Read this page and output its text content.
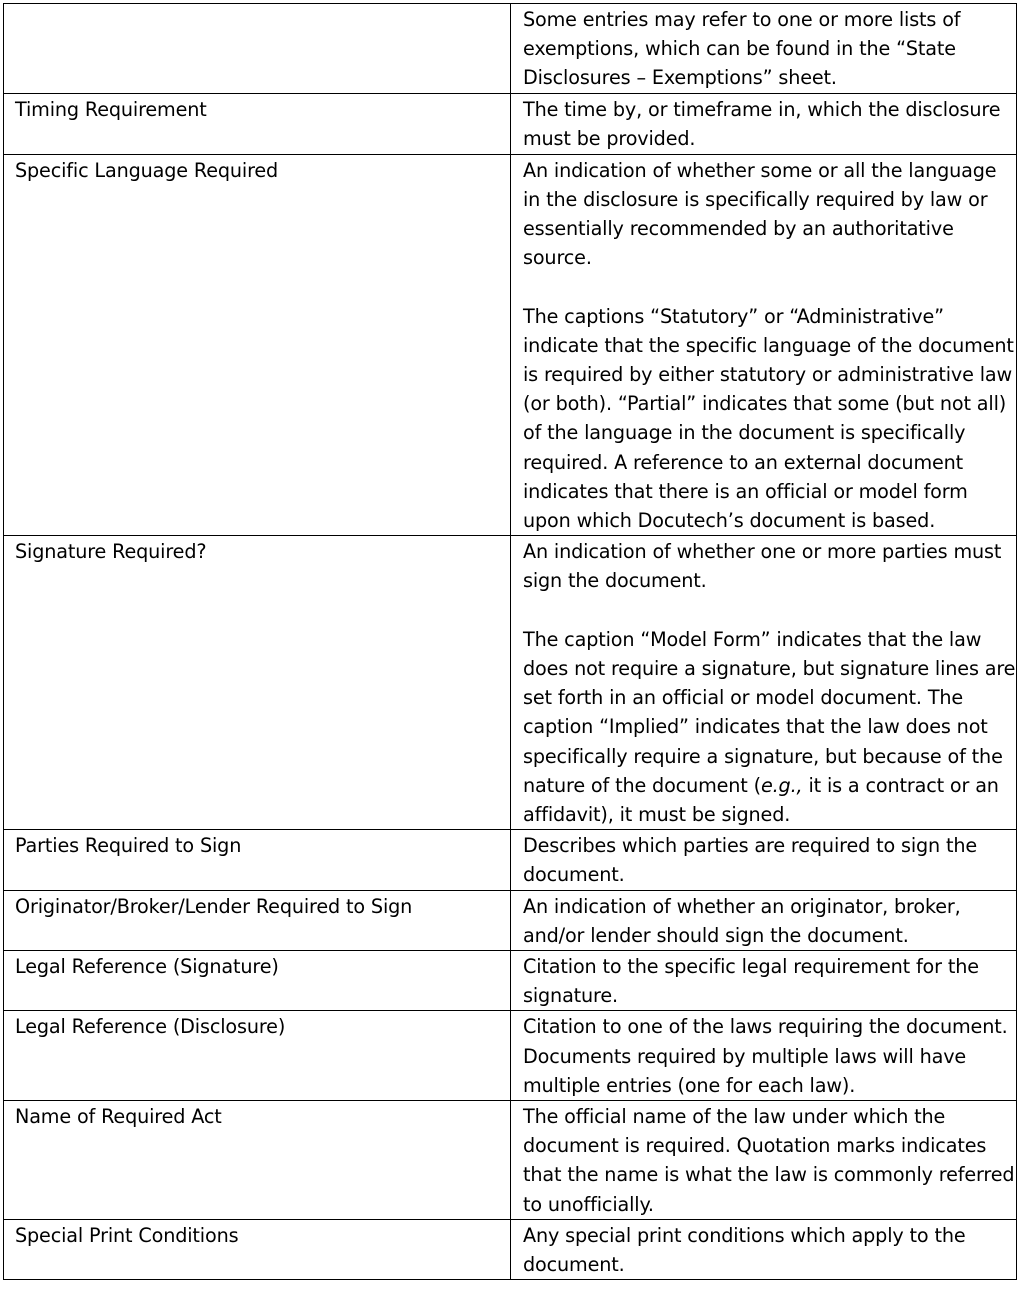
	Some entries may refer to one or more lists of exemptions, which can be found in the “State Disclosures – Exemptions” sheet.

Timing Requirement	The time by, or timeframe in, which the disclosure must be provided.

Specific Language Required	An indication of whether some or all the language in the disclosure is specifically required by law or essentially recommended by an authoritative source.
The captions “Statutory” or “Administrative” indicate that the specific language of the document is required by either statutory or administrative law (or both). “Partial” indicates that some (but not all) of the language in the document is specifically required. A reference to an external document indicates that there is an official or model form upon which Docutech’s document is based.

Signature Required?	An indication of whether one or more parties must sign the document.
The caption “Model Form” indicates that the law does not require a signature, but signature lines are set forth in an official or model document. The caption “Implied” indicates that the law does not specifically require a signature, but because of the nature of the document (e.g., it is a contract or an affidavit), it must be signed.

Parties Required to Sign	Describes which parties are required to sign the document.

Originator/Broker/Lender Required to Sign	An indication of whether an originator, broker, and/or lender should sign the document.

Legal Reference (Signature)	Citation to the specific legal requirement for the signature.

Legal Reference (Disclosure)	Citation to one of the laws requiring the document. Documents required by multiple laws will have multiple entries (one for each law).

Name of Required Act	The official name of the law under which the document is required. Quotation marks indicates that the name is what the law is commonly referred to unofficially.

Special Print Conditions	Any special print conditions which apply to the document.
